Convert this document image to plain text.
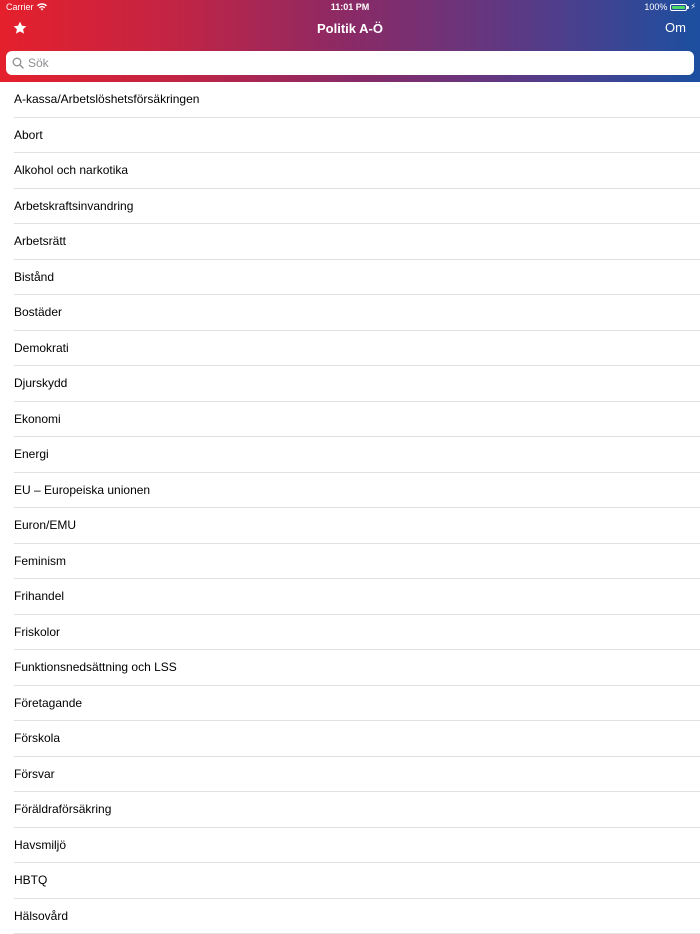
Carrier	11:01 PM	100%	⚡
Politik A-Ö	Om
Sök
A-kassa/Arbetslöshetsförsäkringen
Abort
Alkohol och narkotika
Arbetskraftsinvandring
Arbetsrätt
Bistånd
Bostäder
Demokrati
Djurskydd
Ekonomi
Energi
EU – Europeiska unionen
Euron/EMU
Feminism
Frihandel
Friskolor
Funktionsnedsättning och LSS
Företagande
Förskola
Försvar
Föräldraförsäkring
Havsmiljö
HBTQ
Hälsovård
